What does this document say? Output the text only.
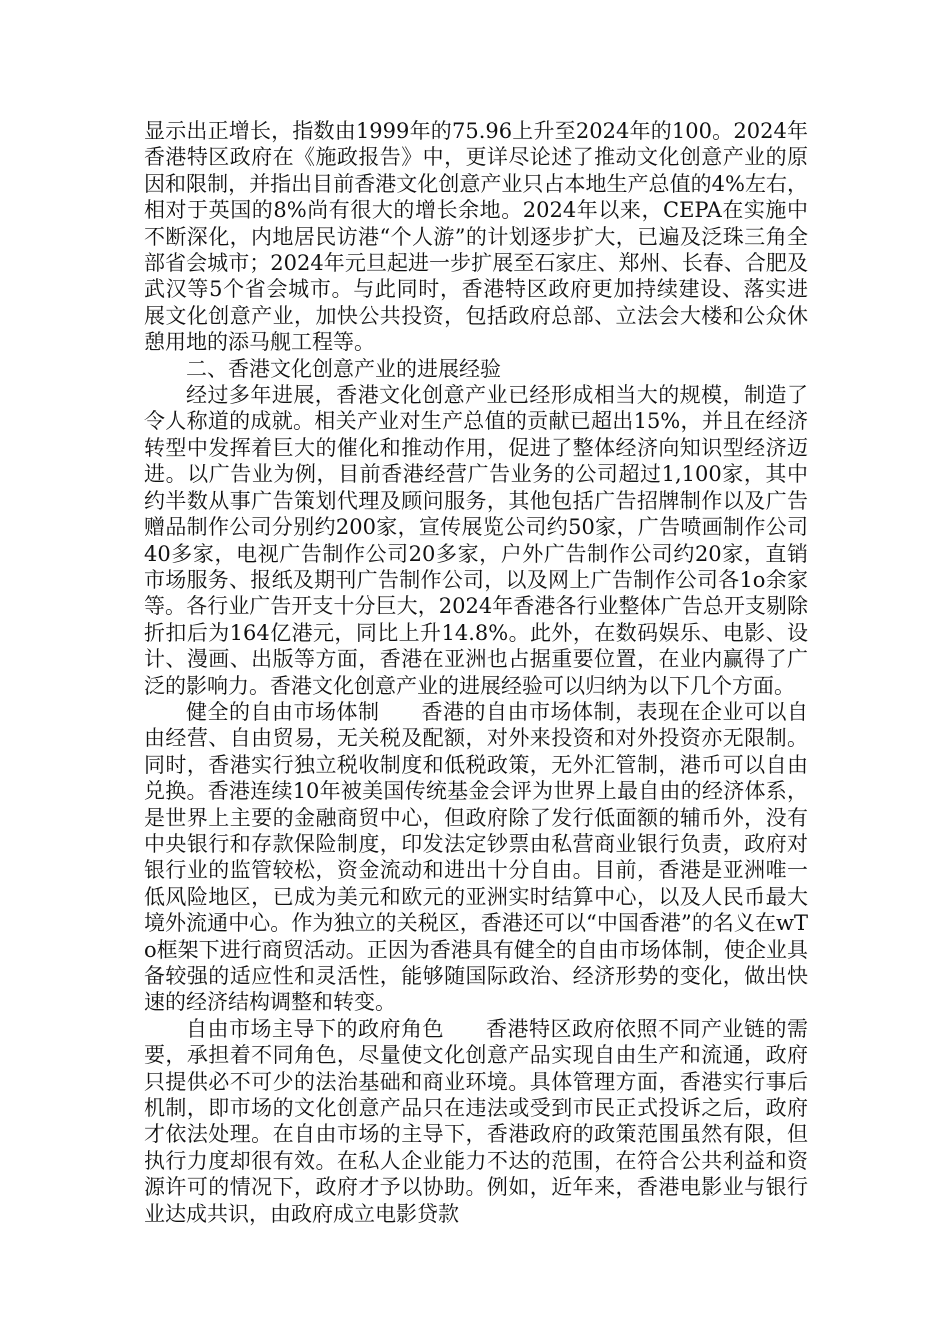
显示出正增长，指数由1999年的75.96上升至2024年的100。2024年香港特区政府在《施政报告》中，更详尽论述了推动文化创意产业的原因和限制，并指出目前香港文化创意产业只占本地生产总值的4%左右，相对于英国的8%尚有很大的增长余地。2024年以来，CEPA在实施中不断深化，内地居民访港“个人游”的计划逐步扩大，已遍及泛珠三角全部省会城市；2024年元旦起进一步扩展至石家庄、郑州、长春、合肥及武汉等5个省会城市。与此同时，香港特区政府更加持续建设、落实进展文化创意产业，加快公共投资，包括政府总部、立法会大楼和公众休憩用地的添马舰工程等。

二、香港文化创意产业的进展经验

经过多年进展，香港文化创意产业已经形成相当大的规模，制造了令人称道的成就。相关产业对生产总值的贡献已超出15%，并且在经济转型中发挥着巨大的催化和推动作用，促进了整体经济向知识型经济迈进。以广告业为例，目前香港经营广告业务的公司超过1,100家，其中约半数从事广告策划代理及顾问服务，其他包括广告招牌制作以及广告赠品制作公司分别约200家，宣传展览公司约50家，广告喷画制作公司40多家，电视广告制作公司20多家，户外广告制作公司约20家，直销市场服务、报纸及期刊广告制作公司，以及网上广告制作公司各1o余家等。各行业广告开支十分巨大，2024年香港各行业整体广告总开支剔除折扣后为164亿港元，同比上升14.8%。此外，在数码娱乐、电影、设计、漫画、出版等方面，香港在亚洲也占据重要位置，在业内赢得了广泛的影响力。香港文化创意产业的进展经验可以归纳为以下几个方面。

健全的自由市场体制 香港的自由市场体制，表现在企业可以自由经营、自由贸易，无关税及配额，对外来投资和对外投资亦无限制。同时，香港实行独立税收制度和低税政策，无外汇管制，港币可以自由兑换。香港连续10年被美国传统基金会评为世界上最自由的经济体系，是世界上主要的金融商贸中心，但政府除了发行低面额的辅币外，没有中央银行和存款保险制度，印发法定钞票由私营商业银行负责，政府对银行业的监管较松，资金流动和进出十分自由。目前，香港是亚洲唯一低风险地区，已成为美元和欧元的亚洲实时结算中心，以及人民币最大境外流通中心。作为独立的关税区，香港还可以“中国香港”的名义在wTo框架下进行商贸活动。正因为香港具有健全的自由市场体制，使企业具备较强的适应性和灵活性，能够随国际政治、经济形势的变化，做出快速的经济结构调整和转变。

自由市场主导下的政府角色 香港特区政府依照不同产业链的需要，承担着不同角色，尽量使文化创意产品实现自由生产和流通，政府只提供必不可少的法治基础和商业环境。具体管理方面，香港实行事后机制，即市场的文化创意产品只在违法或受到市民正式投诉之后，政府才依法处理。在自由市场的主导下，香港政府的政策范围虽然有限，但执行力度却很有效。在私人企业能力不达的范围，在符合公共利益和资源许可的情况下，政府才予以协助。例如，近年来，香港电影业与银行业达成共识，由政府成立电影贷款
